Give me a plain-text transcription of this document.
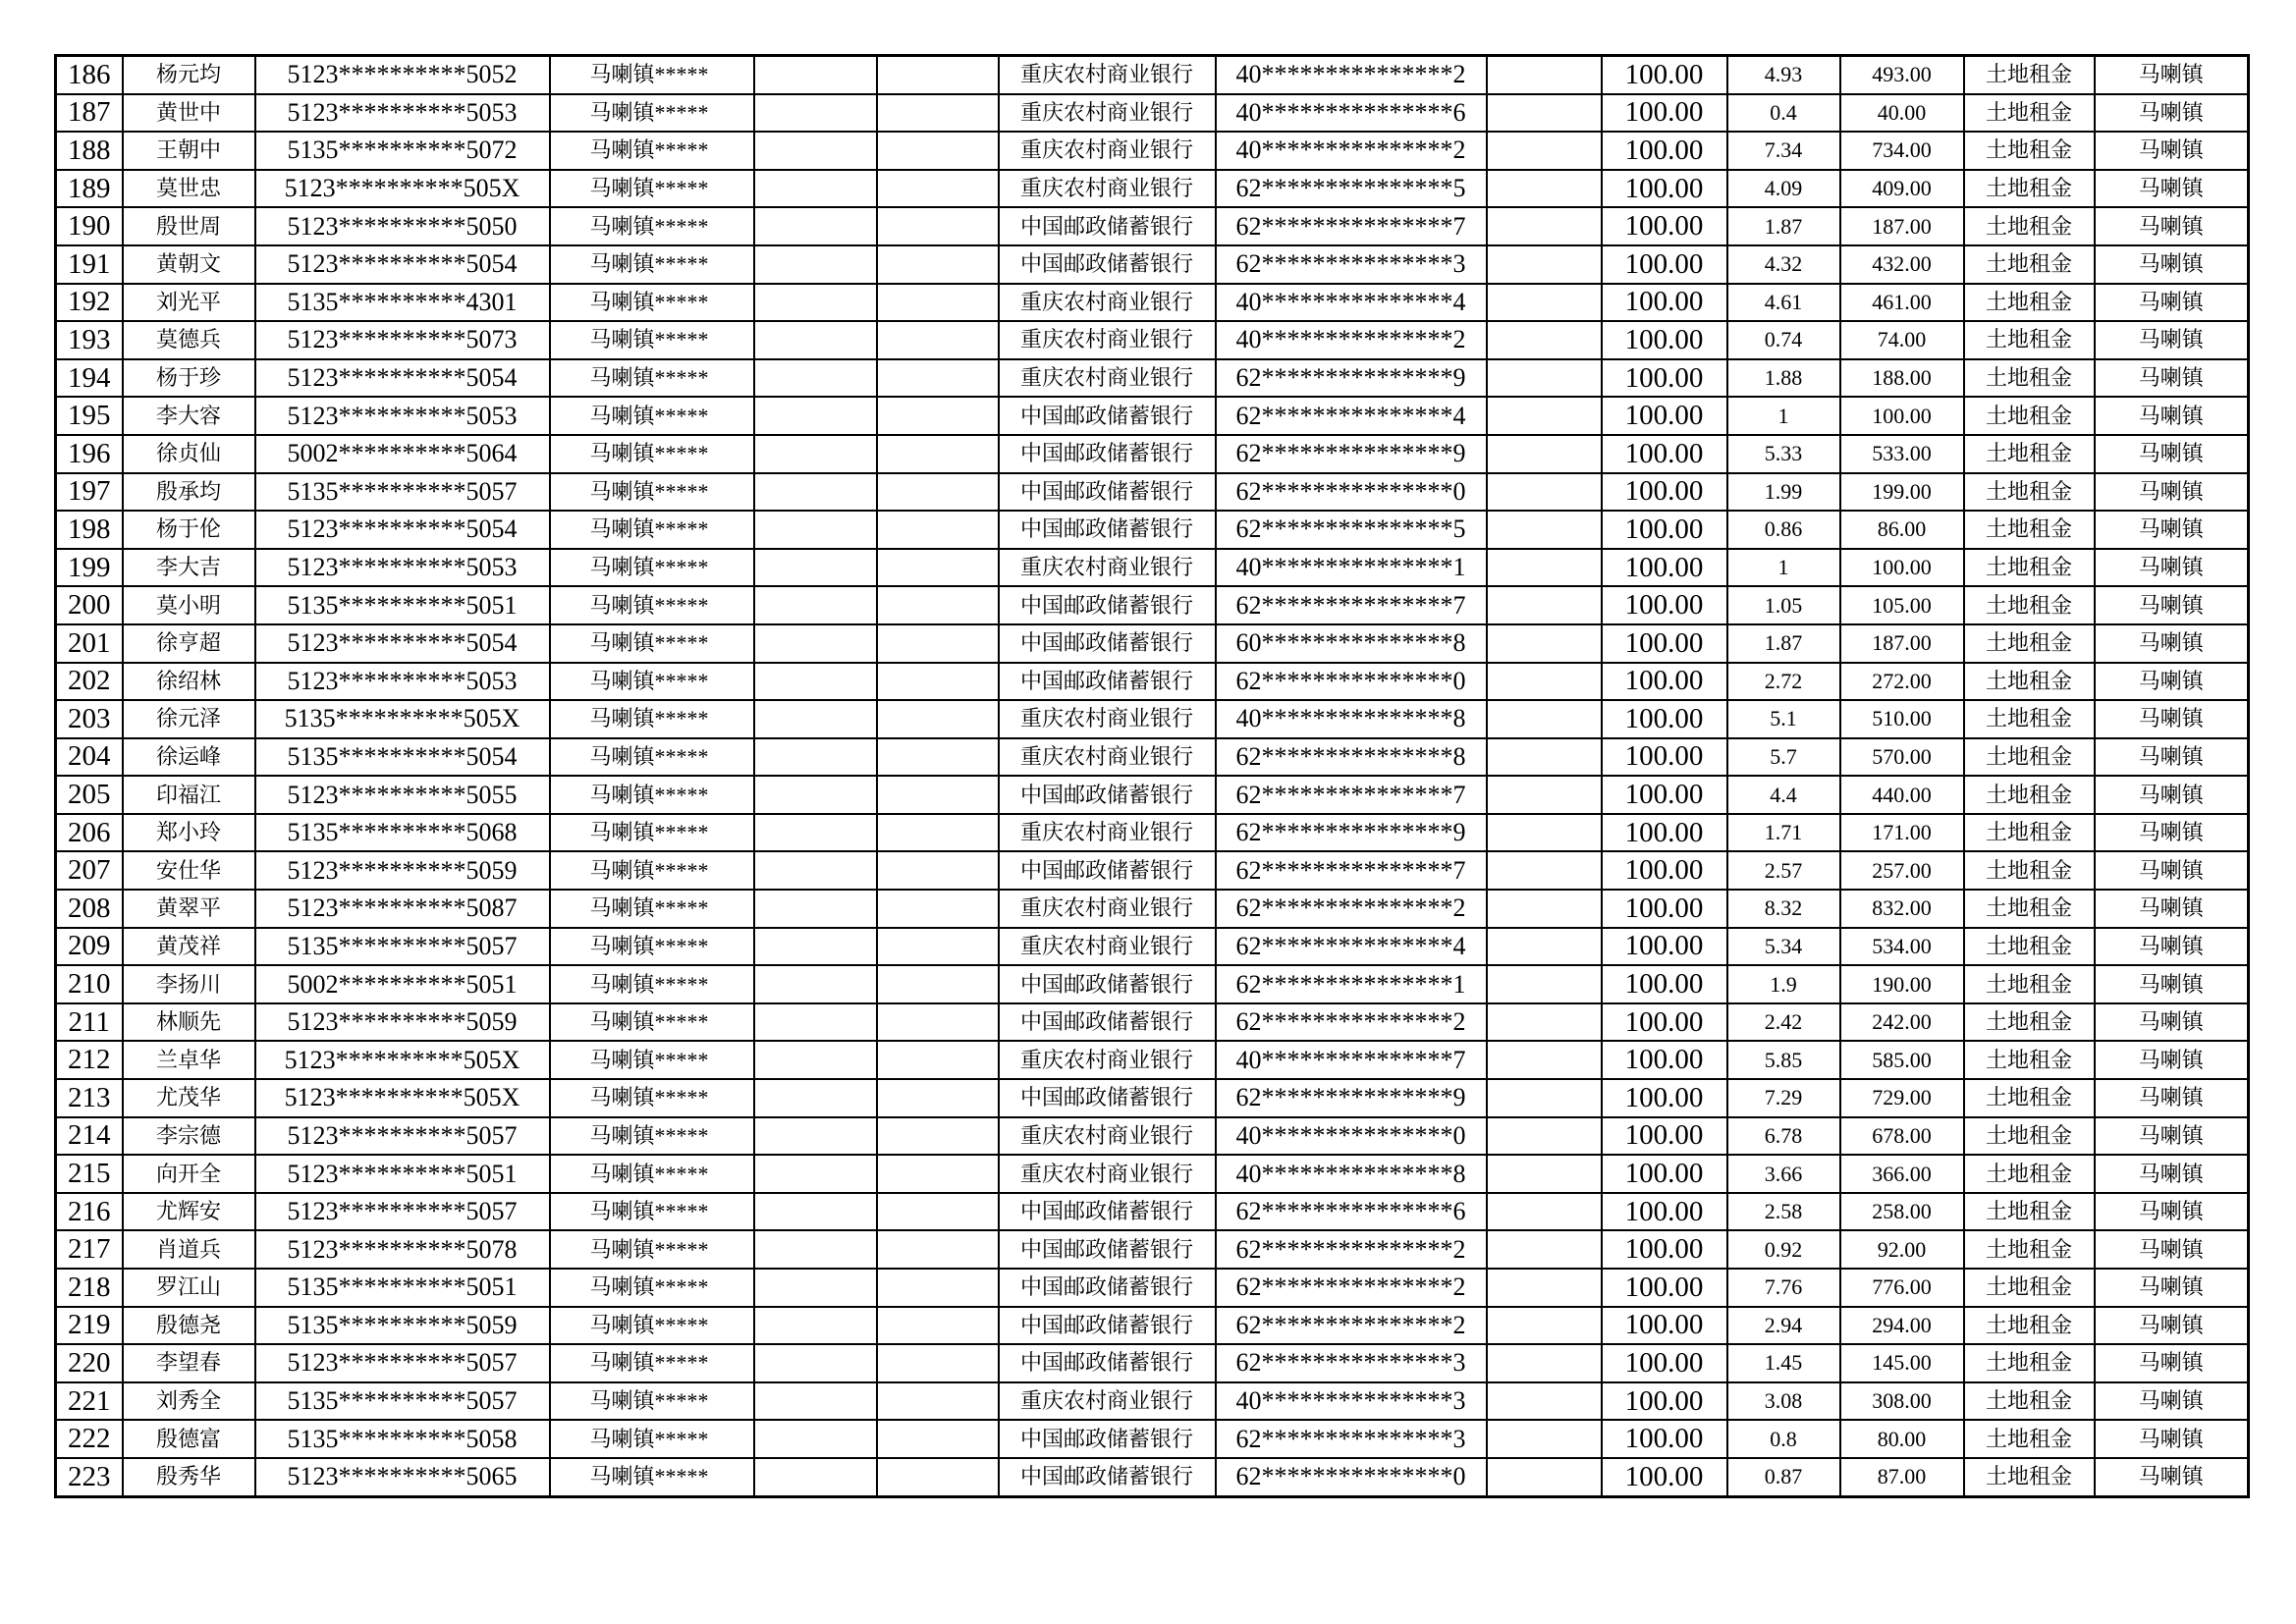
186	杨元均	5123**********5052	马喇镇*****			重庆农村商业银行	40***************2		100.00	4.93	493.00	土地租金	马喇镇
187	黄世中	5123**********5053	马喇镇*****			重庆农村商业银行	40***************6		100.00	0.4	40.00	土地租金	马喇镇
188	王朝中	5135**********5072	马喇镇*****			重庆农村商业银行	40***************2		100.00	7.34	734.00	土地租金	马喇镇
189	莫世忠	5123**********505X	马喇镇*****			重庆农村商业银行	62***************5		100.00	4.09	409.00	土地租金	马喇镇
190	殷世周	5123**********5050	马喇镇*****			中国邮政储蓄银行	62***************7		100.00	1.87	187.00	土地租金	马喇镇
191	黄朝文	5123**********5054	马喇镇*****			中国邮政储蓄银行	62***************3		100.00	4.32	432.00	土地租金	马喇镇
192	刘光平	5135**********4301	马喇镇*****			重庆农村商业银行	40***************4		100.00	4.61	461.00	土地租金	马喇镇
193	莫德兵	5123**********5073	马喇镇*****			重庆农村商业银行	40***************2		100.00	0.74	74.00	土地租金	马喇镇
194	杨于珍	5123**********5054	马喇镇*****			重庆农村商业银行	62***************9		100.00	1.88	188.00	土地租金	马喇镇
195	李大容	5123**********5053	马喇镇*****			中国邮政储蓄银行	62***************4		100.00	1	100.00	土地租金	马喇镇
196	徐贞仙	5002**********5064	马喇镇*****			中国邮政储蓄银行	62***************9		100.00	5.33	533.00	土地租金	马喇镇
197	殷承均	5135**********5057	马喇镇*****			中国邮政储蓄银行	62***************0		100.00	1.99	199.00	土地租金	马喇镇
198	杨于伦	5123**********5054	马喇镇*****			中国邮政储蓄银行	62***************5		100.00	0.86	86.00	土地租金	马喇镇
199	李大吉	5123**********5053	马喇镇*****			重庆农村商业银行	40***************1		100.00	1	100.00	土地租金	马喇镇
200	莫小明	5135**********5051	马喇镇*****			中国邮政储蓄银行	62***************7		100.00	1.05	105.00	土地租金	马喇镇
201	徐亨超	5123**********5054	马喇镇*****			中国邮政储蓄银行	60***************8		100.00	1.87	187.00	土地租金	马喇镇
202	徐绍林	5123**********5053	马喇镇*****			中国邮政储蓄银行	62***************0		100.00	2.72	272.00	土地租金	马喇镇
203	徐元泽	5135**********505X	马喇镇*****			重庆农村商业银行	40***************8		100.00	5.1	510.00	土地租金	马喇镇
204	徐运峰	5135**********5054	马喇镇*****			重庆农村商业银行	62***************8		100.00	5.7	570.00	土地租金	马喇镇
205	印福江	5123**********5055	马喇镇*****			中国邮政储蓄银行	62***************7		100.00	4.4	440.00	土地租金	马喇镇
206	郑小玲	5135**********5068	马喇镇*****			重庆农村商业银行	62***************9		100.00	1.71	171.00	土地租金	马喇镇
207	安仕华	5123**********5059	马喇镇*****			中国邮政储蓄银行	62***************7		100.00	2.57	257.00	土地租金	马喇镇
208	黄翠平	5123**********5087	马喇镇*****			重庆农村商业银行	62***************2		100.00	8.32	832.00	土地租金	马喇镇
209	黄茂祥	5135**********5057	马喇镇*****			重庆农村商业银行	62***************4		100.00	5.34	534.00	土地租金	马喇镇
210	李扬川	5002**********5051	马喇镇*****			中国邮政储蓄银行	62***************1		100.00	1.9	190.00	土地租金	马喇镇
211	林顺先	5123**********5059	马喇镇*****			中国邮政储蓄银行	62***************2		100.00	2.42	242.00	土地租金	马喇镇
212	兰卓华	5123**********505X	马喇镇*****			重庆农村商业银行	40***************7		100.00	5.85	585.00	土地租金	马喇镇
213	尤茂华	5123**********505X	马喇镇*****			中国邮政储蓄银行	62***************9		100.00	7.29	729.00	土地租金	马喇镇
214	李宗德	5123**********5057	马喇镇*****			重庆农村商业银行	40***************0		100.00	6.78	678.00	土地租金	马喇镇
215	向开全	5123**********5051	马喇镇*****			重庆农村商业银行	40***************8		100.00	3.66	366.00	土地租金	马喇镇
216	尤辉安	5123**********5057	马喇镇*****			中国邮政储蓄银行	62***************6		100.00	2.58	258.00	土地租金	马喇镇
217	肖道兵	5123**********5078	马喇镇*****			中国邮政储蓄银行	62***************2		100.00	0.92	92.00	土地租金	马喇镇
218	罗江山	5135**********5051	马喇镇*****			中国邮政储蓄银行	62***************2		100.00	7.76	776.00	土地租金	马喇镇
219	殷德尧	5135**********5059	马喇镇*****			中国邮政储蓄银行	62***************2		100.00	2.94	294.00	土地租金	马喇镇
220	李望春	5123**********5057	马喇镇*****			中国邮政储蓄银行	62***************3		100.00	1.45	145.00	土地租金	马喇镇
221	刘秀全	5135**********5057	马喇镇*****			重庆农村商业银行	40***************3		100.00	3.08	308.00	土地租金	马喇镇
222	殷德富	5135**********5058	马喇镇*****			中国邮政储蓄银行	62***************3		100.00	0.8	80.00	土地租金	马喇镇
223	殷秀华	5123**********5065	马喇镇*****			中国邮政储蓄银行	62***************0		100.00	0.87	87.00	土地租金	马喇镇
